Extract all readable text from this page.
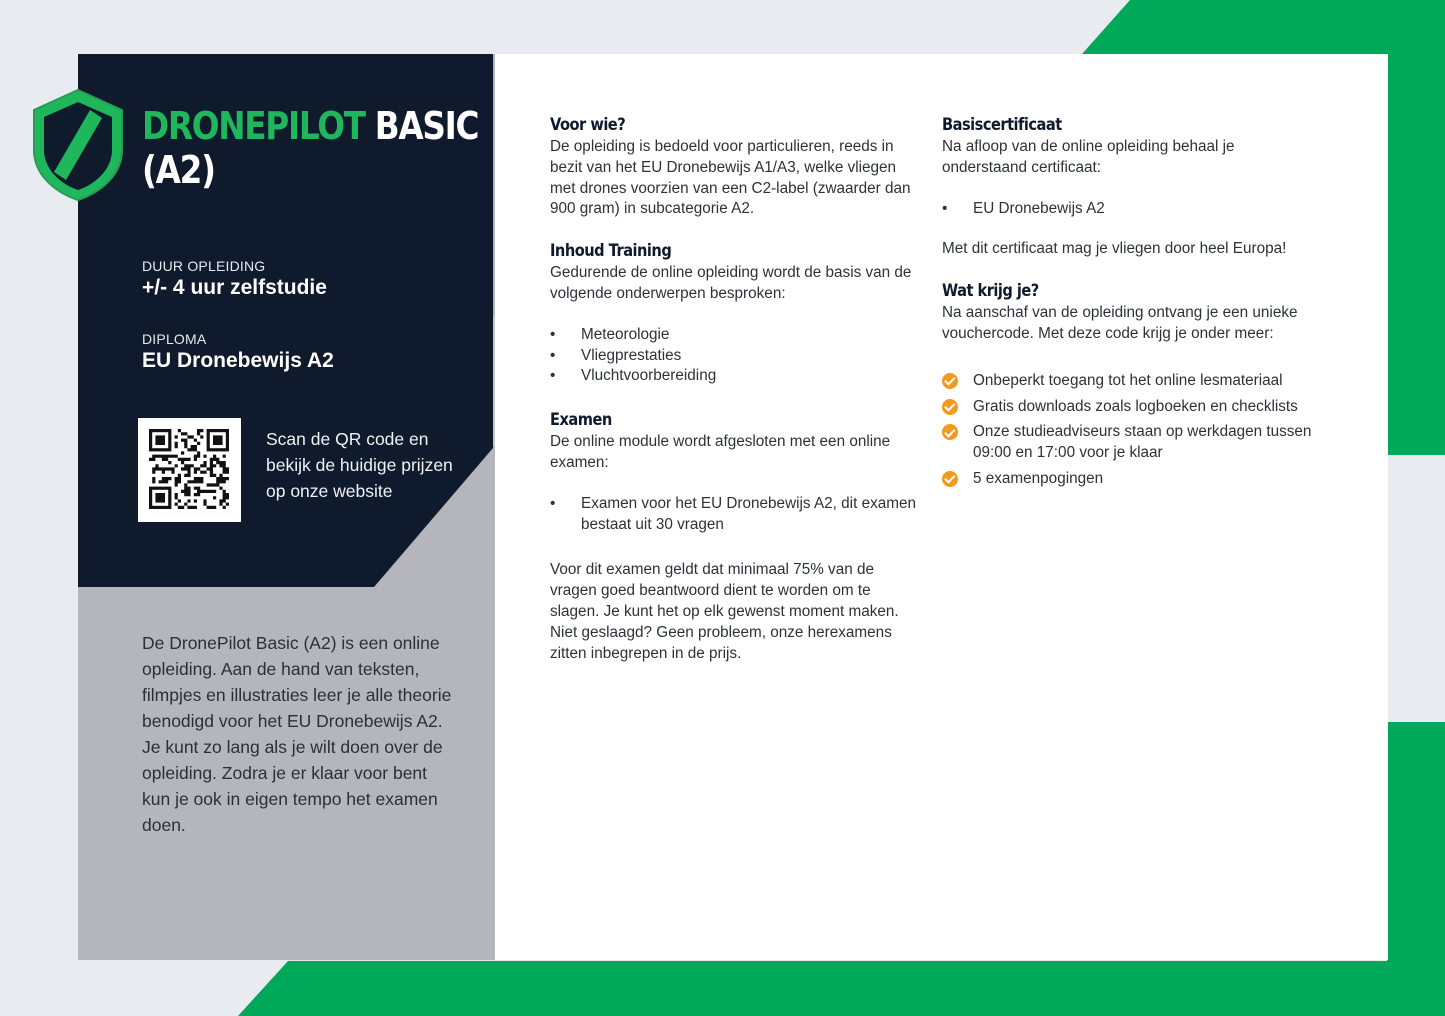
DRONEPILOT BASIC
(A2)
DUUR OPLEIDING
+/- 4 uur zelfstudie
DIPLOMA
EU Dronebewijs A2
Scan de QR code en bekijk de huidige prijzen op onze website
De DronePilot Basic (A2) is een online opleiding. Aan de hand van teksten, filmpjes en illustraties leer je alle theorie benodigd voor het EU Dronebewijs A2. Je kunt zo lang als je wilt doen over de opleiding. Zodra je er klaar voor bent kun je ook in eigen tempo het examen doen.
Voor wie?

De opleiding is bedoeld voor particulieren, reeds in bezit van het EU Dronebewijs A1/A3, welke vliegen met drones voorzien van een C2-label (zwaarder dan 900 gram) in subcategorie A2.

Inhoud Training

Gedurende de online opleiding wordt de basis van de volgende onderwerpen besproken:

• Meteorologie
• Vliegprestaties
• Vluchtvoorbereiding
Examen

De online module wordt afgesloten met een online examen:

• Examen voor het EU Dronebewijs A2, dit examen bestaat uit 30 vragen

Voor dit examen geldt dat minimaal 75% van de vragen goed beantwoord dient te worden om te slagen. Je kunt het op elk gewenst moment maken. Niet geslaagd? Geen probleem, onze herexamens zitten inbegrepen in de prijs.

Basiscertificaat

Na afloop van de online opleiding behaal je onderstaand certificaat:

• EU Dronebewijs A2

Met dit certificaat mag je vliegen door heel Europa!

Wat krijg je?

Na aanschaf van de opleiding ontvang je een unieke vouchercode. Met deze code krijg je onder meer:

Onbeperkt toegang tot het online lesmateriaal
Gratis downloads zoals logboeken en checklists
Onze studieadviseurs staan op werkdagen tussen 09:00 en 17:00 voor je klaar
5 examenpogingen
